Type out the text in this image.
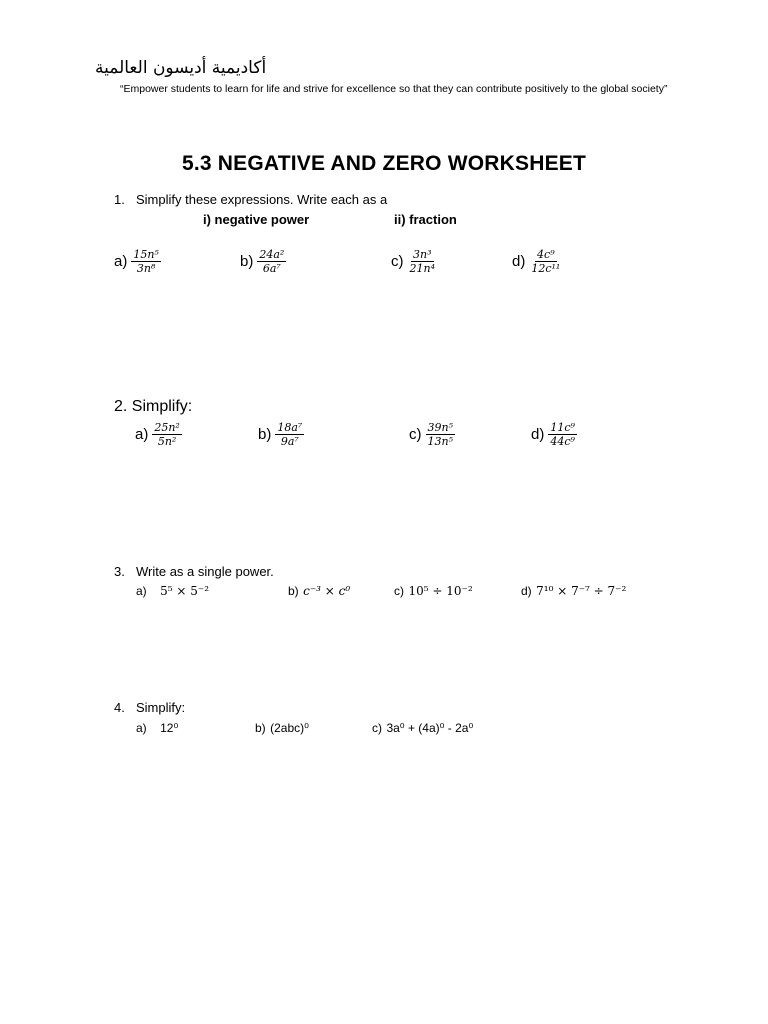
أكاديمية أديسون العالمية
“Empower students to learn for life and strive for excellence so that they can contribute positively to the global society”
5.3 NEGATIVE AND ZERO WORKSHEET
1. Simplify these expressions. Write each as a
i) negative power	ii) fraction
$a) \frac{\text{15n⁵}}{\text{3n⁸}}$	$b) \frac{\text{24a²}}{\text{6a⁷}}$	$c) \frac{\text{3n³}}{\text{21n⁴}}$	$d) \frac{\text{4c⁹}}{\text{12c¹¹}}$
2. Simplify:
$a) \frac{\text{25n²}}{\text{5n²}}$	$b) \frac{\text{18a⁷}}{\text{9a⁷}}$	$c) \frac{\text{39n⁵}}{\text{13n⁵}}$	$d) \frac{\text{11c⁹}}{\text{44c⁹}}$
3. Write as a single power.
a) 5⁵ × 5⁻²	b) c⁻³ × c⁰	c) 10⁵ ÷ 10⁻²	d) 7¹⁰ × 7⁻⁷ ÷ 7⁻²
4. Simplify:
a) 12⁰	b) (2abc)⁰	c) 3a⁰ + (4a)⁰ - 2a⁰
